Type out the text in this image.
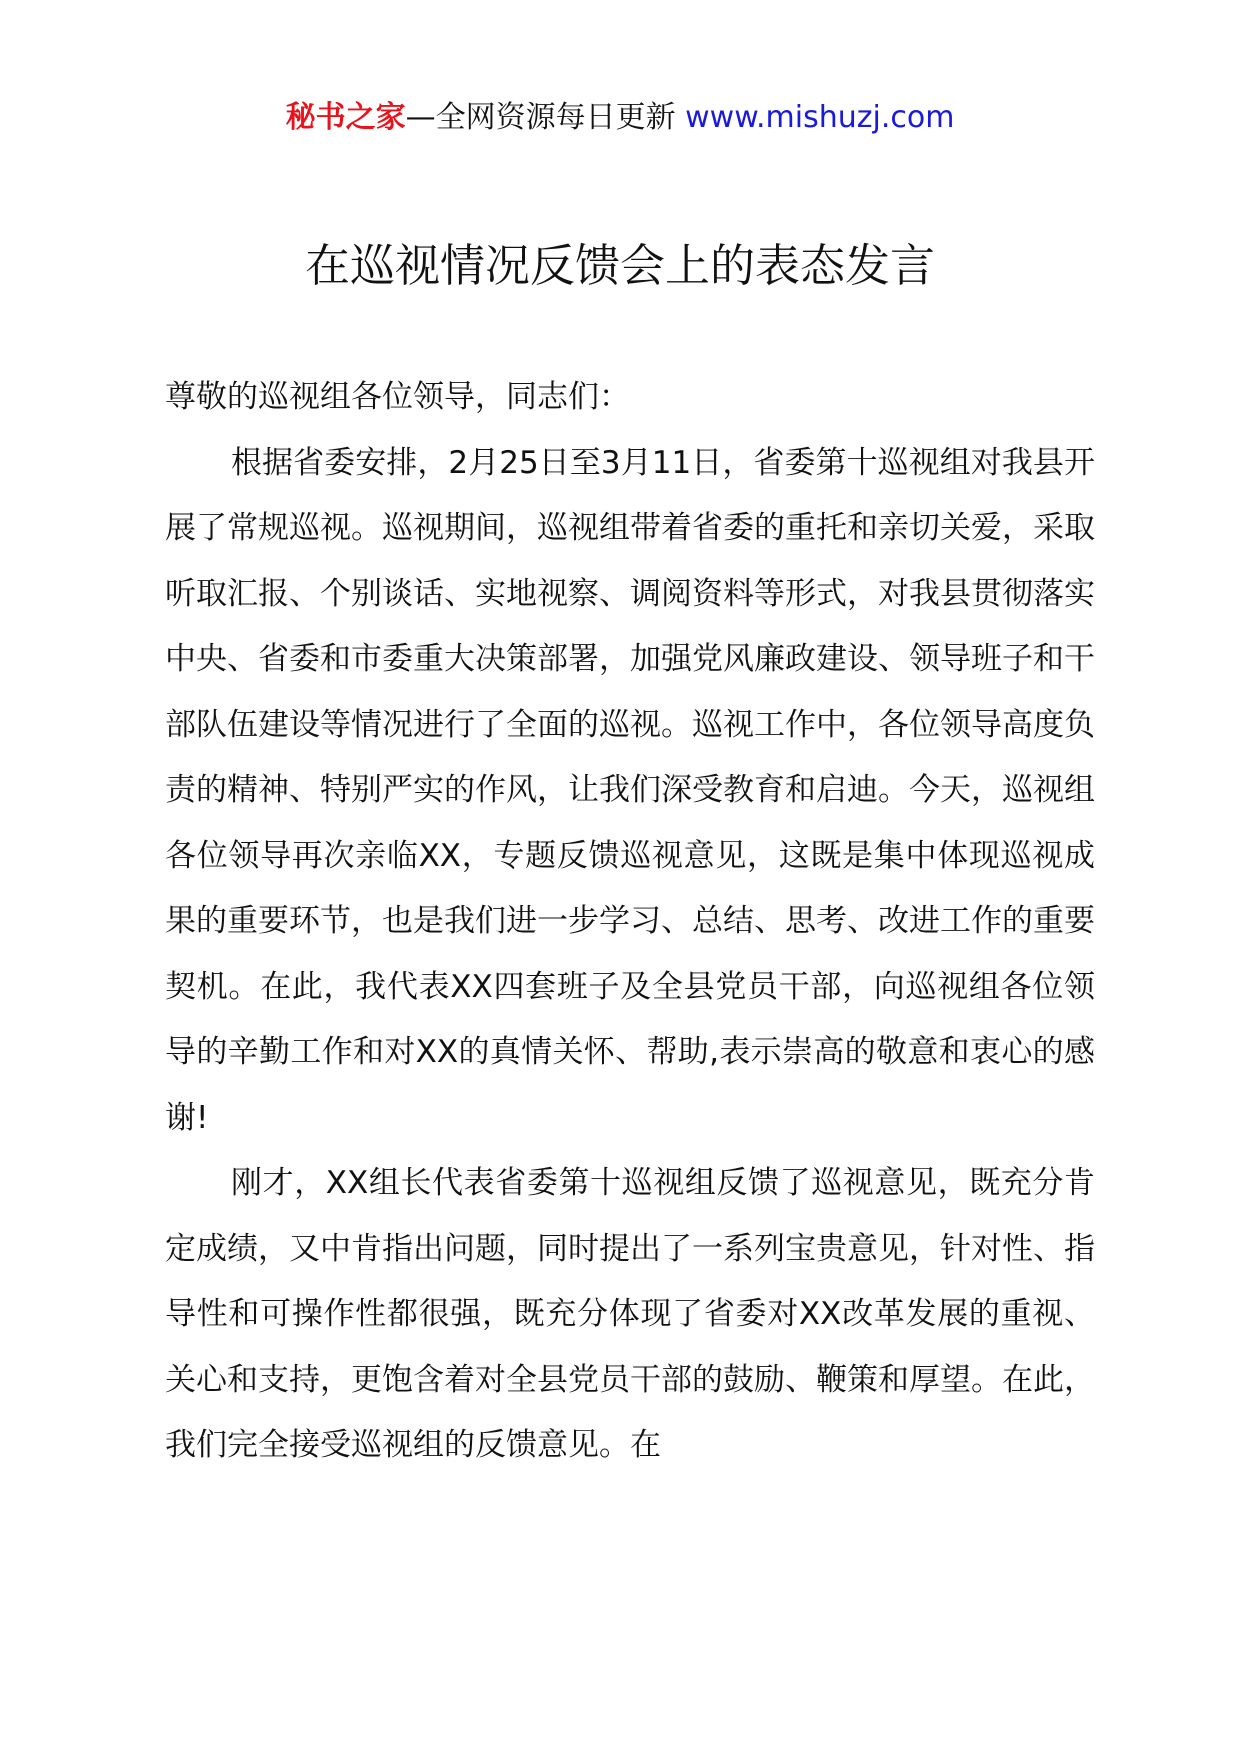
秘书之家—全网资源每日更新 www.mishuzj.com
在巡视情况反馈会上的表态发言

尊敬的巡视组各位领导，同志们：

根据省委安排，2月25日至3月11日，省委第十巡视组对我县开展了常规巡视。巡视期间，巡视组带着省委的重托和亲切关爱，采取听取汇报、个别谈话、实地视察、调阅资料等形式，对我县贯彻落实中央、省委和市委重大决策部署，加强党风廉政建设、领导班子和干部队伍建设等情况进行了全面的巡视。巡视工作中，各位领导高度负责的精神、特别严实的作风，让我们深受教育和启迪。今天，巡视组各位领导再次亲临XX，专题反馈巡视意见，这既是集中体现巡视成果的重要环节，也是我们进一步学习、总结、思考、改进工作的重要契机。在此，我代表XX四套班子及全县党员干部，向巡视组各位领导的辛勤工作和对XX的真情关怀、帮助,表示崇高的敬意和衷心的感谢!

刚才，XX组长代表省委第十巡视组反馈了巡视意见，既充分肯定成绩，又中肯指出问题，同时提出了一系列宝贵意见，针对性、指导性和可操作性都很强，既充分体现了省委对XX改革发展的重视、关心和支持，更饱含着对全县党员干部的鼓励、鞭策和厚望。在此，我们完全接受巡视组的反馈意见。在
